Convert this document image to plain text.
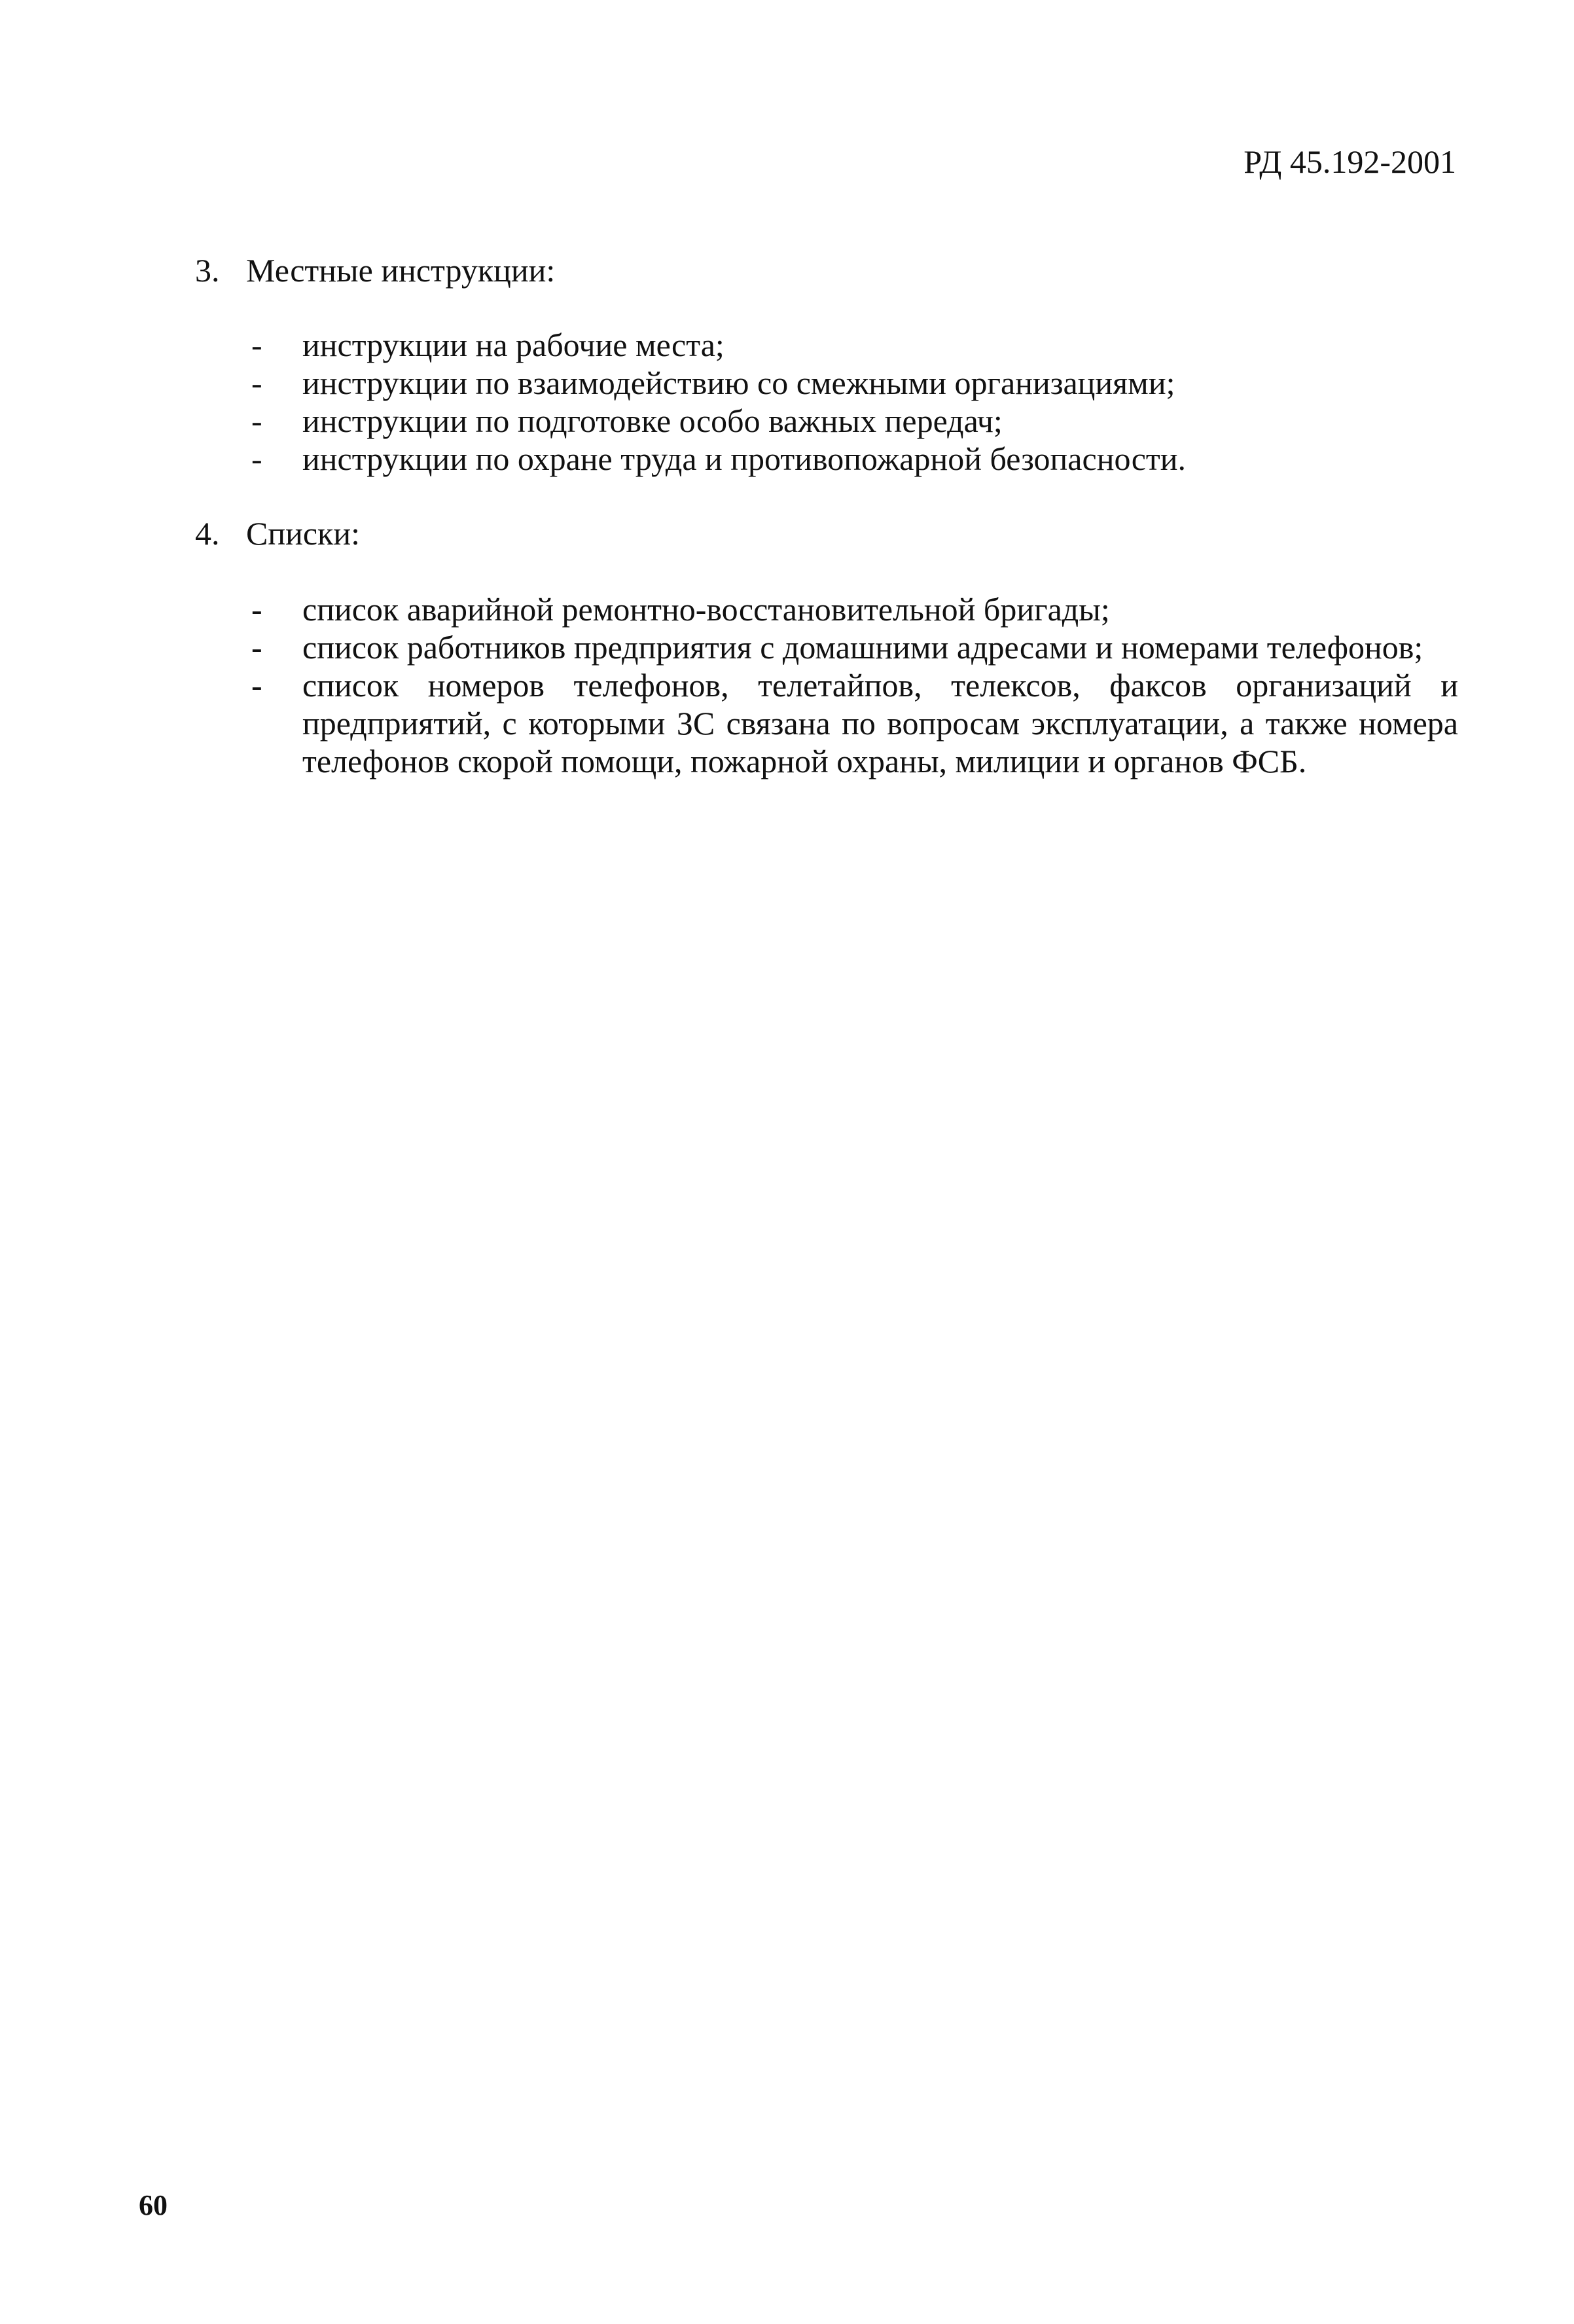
РД 45.192-2001
3. Местные инструкции:
- инструкции на рабочие места;
- инструкции по взаимодействию со смежными организациями;
- инструкции по подготовке особо важных передач;
- инструкции по охране труда и противопожарной безопасности.
4. Списки:
- список аварийной ремонтно-восстановительной бригады;
- список работников предприятия с домашними адресами и номерами телефонов;
- список номеров телефонов, телетайпов, телексов, факсов организаций и предприятий, с которыми ЗС связана по вопросам эксплуатации, а также номера телефонов скорой помощи, пожарной охраны, милиции и органов ФСБ.
60
